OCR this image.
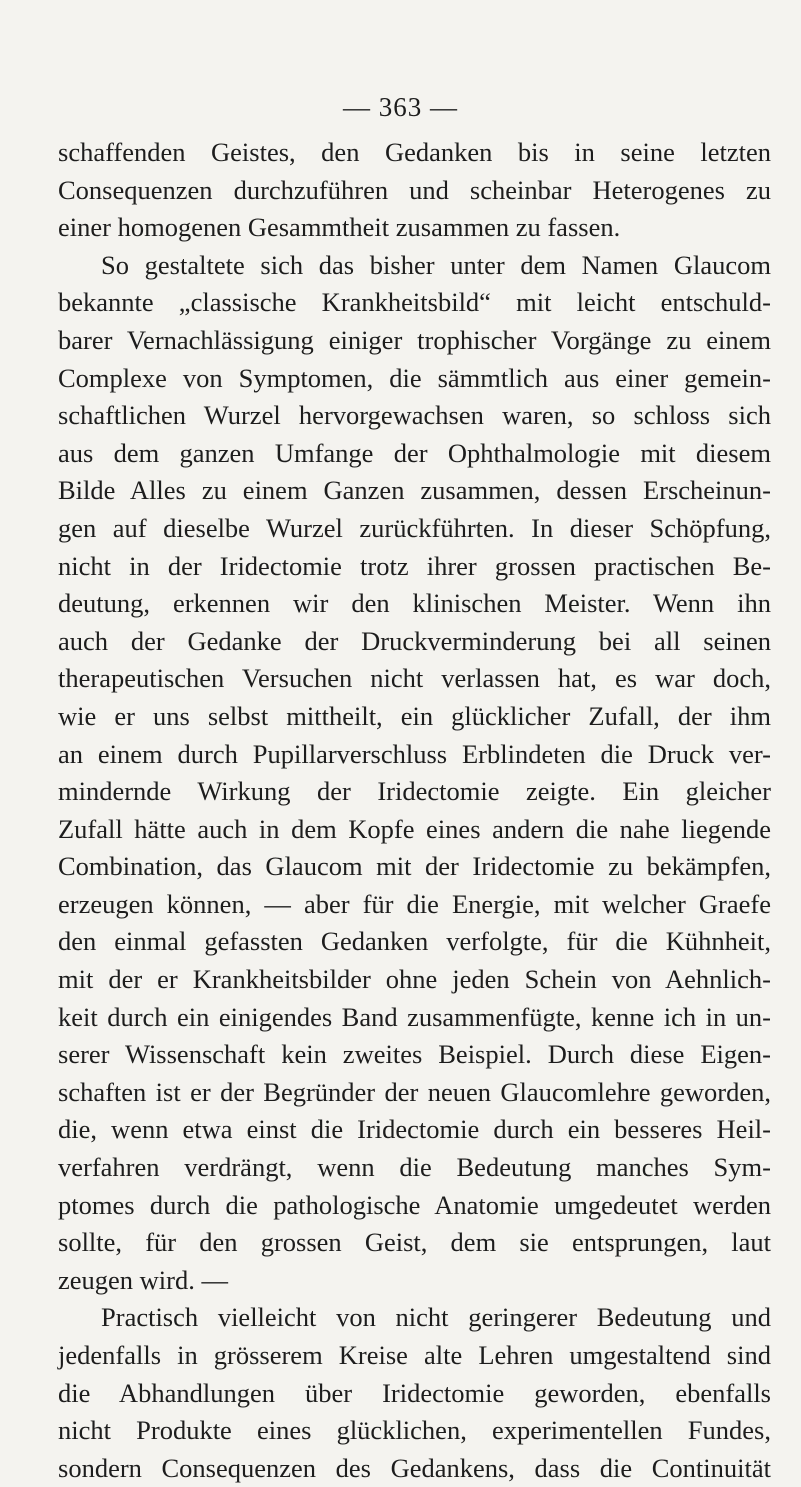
— 363 —
schaffenden Geistes, den Gedanken bis in seine letzten
Consequenzen durchzuführen und scheinbar Heterogenes zu
einer homogenen Gesammtheit zusammen zu fassen.
So gestaltete sich das bisher unter dem Namen Glaucom
bekannte „classische Krankheitsbild“ mit leicht entschuld-
barer Vernachlässigung einiger trophischer Vorgänge zu einem
Complexe von Symptomen, die sämmtlich aus einer gemein-
schaftlichen Wurzel hervorgewachsen waren, so schloss sich
aus dem ganzen Umfange der Ophthalmologie mit diesem
Bilde Alles zu einem Ganzen zusammen, dessen Erscheinun-
gen auf dieselbe Wurzel zurückführten. In dieser Schöpfung,
nicht in der Iridectomie trotz ihrer grossen practischen Be-
deutung, erkennen wir den klinischen Meister. Wenn ihn
auch der Gedanke der Druckverminderung bei all seinen
therapeutischen Versuchen nicht verlassen hat, es war doch,
wie er uns selbst mittheilt, ein glücklicher Zufall, der ihm
an einem durch Pupillarverschluss Erblindeten die Druck ver-
mindernde Wirkung der Iridectomie zeigte. Ein gleicher
Zufall hätte auch in dem Kopfe eines andern die nahe liegende
Combination, das Glaucom mit der Iridectomie zu bekämpfen,
erzeugen können, — aber für die Energie, mit welcher Graefe
den einmal gefassten Gedanken verfolgte, für die Kühnheit,
mit der er Krankheitsbilder ohne jeden Schein von Aehnlich-
keit durch ein einigendes Band zusammenfügte, kenne ich in un-
serer Wissenschaft kein zweites Beispiel. Durch diese Eigen-
schaften ist er der Begründer der neuen Glaucomlehre geworden,
die, wenn etwa einst die Iridectomie durch ein besseres Heil-
verfahren verdrängt, wenn die Bedeutung manches Sym-
ptomes durch die pathologische Anatomie umgedeutet werden
sollte, für den grossen Geist, dem sie entsprungen, laut
zeugen wird. —
Practisch vielleicht von nicht geringerer Bedeutung und
jedenfalls in grösserem Kreise alte Lehren umgestaltend sind
die Abhandlungen über Iridectomie geworden, ebenfalls
nicht Produkte eines glücklichen, experimentellen Fundes,
sondern Consequenzen des Gedankens, dass die Continuität
